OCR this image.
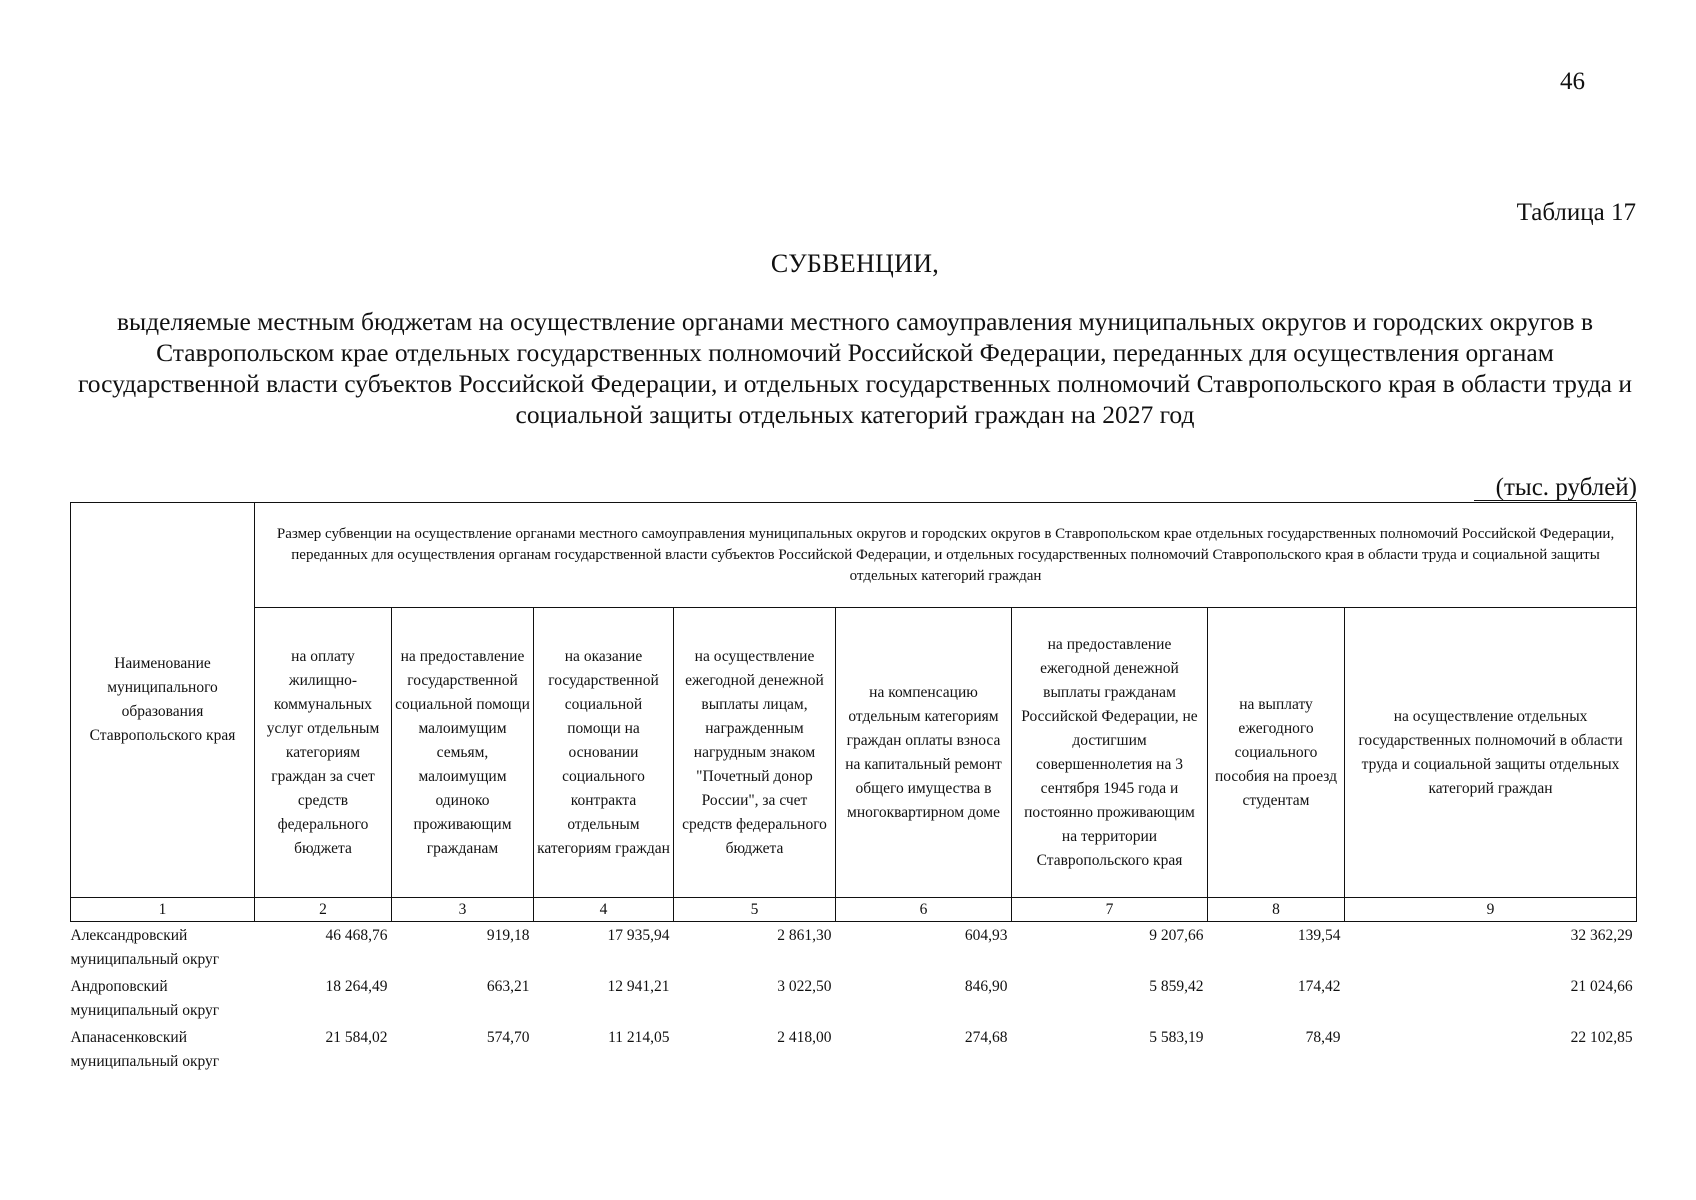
46
Таблица 17
СУБВЕНЦИИ,
выделяемые местным бюджетам на осуществление органами местного самоуправления муниципальных округов и городских округов в Ставропольском крае отдельных государственных полномочий Российской Федерации, переданных для осуществления органам государственной власти субъектов Российской Федерации, и отдельных государственных полномочий Ставропольского края в области труда и социальной защиты отдельных категорий граждан на 2027 год
(тыс. рублей)
Наименование муниципального образования Ставропольского края	Размер субвенции на осуществление органами местного самоуправления муниципальных округов и городских округов в Ставропольском крае отдельных государственных полномочий Российской Федерации, переданных для осуществления органам государственной власти субъектов Российской Федерации, и отдельных государственных полномочий Ставропольского края в области труда и социальной защиты отдельных категорий граждан							
	на оплату жилищно-коммунальных услуг отдельным категориям граждан за счет средств федерального бюджета	на предоставление государственной социальной помощи малоимущим семьям, малоимущим одиноко проживающим гражданам	на оказание государственной социальной помощи на основании социального контракта отдельным категориям граждан	на осуществление ежегодной денежной выплаты лицам, награжденным нагрудным знаком "Почетный донор России", за счет средств федерального бюджета	на компенсацию отдельным категориям граждан оплаты взноса на капитальный ремонт общего имущества в многоквартирном доме	на предоставление ежегодной денежной выплаты гражданам Российской Федерации, не достигшим совершеннолетия на 3 сентября 1945 года и постоянно проживающим на территории Ставропольского края	на выплату ежегодного социального пособия на проезд студентам	на осуществление отдельных государственных полномочий в области труда и социальной защиты отдельных категорий граждан
1	2	3	4	5	6	7	8	9
Александровский муниципальный округ	46 468,76	919,18	17 935,94	2 861,30	604,93	9 207,66	139,54	32 362,29
Андроповский муниципальный округ	18 264,49	663,21	12 941,21	3 022,50	846,90	5 859,42	174,42	21 024,66
Апанасенковский муниципальный округ	21 584,02	574,70	11 214,05	2 418,00	274,68	5 583,19	78,49	22 102,85
